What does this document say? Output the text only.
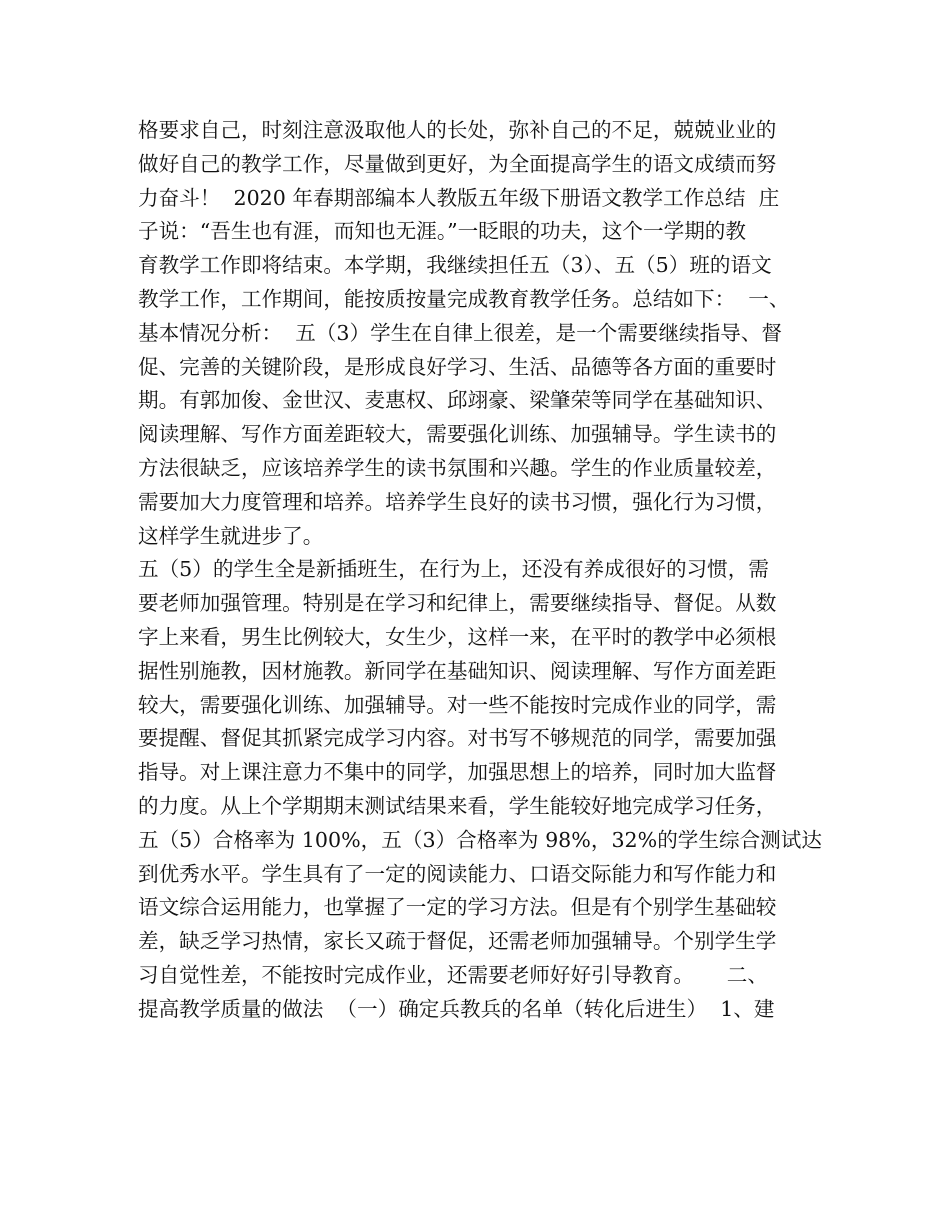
格要求自己，时刻注意汲取他人的长处，弥补自己的不足，兢兢业业的
做好自己的教学工作，尽量做到更好，为全面提高学生的语文成绩而努
力奋斗！  2020 年春期部编本人教版五年级下册语文教学工作总结  庄
子说：“吾生也有涯，而知也无涯。”一眨眼的功夫，这个一学期的教
育教学工作即将结束。本学期，我继续担任五（3）、五（5）班的语文
教学工作，工作期间，能按质按量完成教育教学任务。总结如下：  一、
基本情况分析：  五（3）学生在自律上很差，是一个需要继续指导、督
促、完善的关键阶段，是形成良好学习、生活、品德等各方面的重要时
期。有郭加俊、金世汉、麦惠权、邱翊豪、梁肇荣等同学在基础知识、
阅读理解、写作方面差距较大，需要强化训练、加强辅导。学生读书的
方法很缺乏，应该培养学生的读书氛围和兴趣。学生的作业质量较差，
需要加大力度管理和培养。培养学生良好的读书习惯，强化行为习惯，
这样学生就进步了。
五（5）的学生全是新插班生，在行为上，还没有养成很好的习惯，需
要老师加强管理。特别是在学习和纪律上，需要继续指导、督促。从数
字上来看，男生比例较大，女生少，这样一来，在平时的教学中必须根
据性别施教，因材施教。新同学在基础知识、阅读理解、写作方面差距
较大，需要强化训练、加强辅导。对一些不能按时完成作业的同学，需
要提醒、督促其抓紧完成学习内容。对书写不够规范的同学，需要加强
指导。对上课注意力不集中的同学，加强思想上的培养，同时加大监督
的力度。从上个学期期末测试结果来看，学生能较好地完成学习任务，
五（5）合格率为 100%，五（3）合格率为 98%，32%的学生综合测试达
到优秀水平。学生具有了一定的阅读能力、口语交际能力和写作能力和
语文综合运用能力，也掌握了一定的学习方法。但是有个别学生基础较
差，缺乏学习热情，家长又疏于督促，还需老师加强辅导。个别学生学
习自觉性差，不能按时完成作业，还需要老师好好引导教育。     二、
提高教学质量的做法  （一）确定兵教兵的名单（转化后进生）  1、建
